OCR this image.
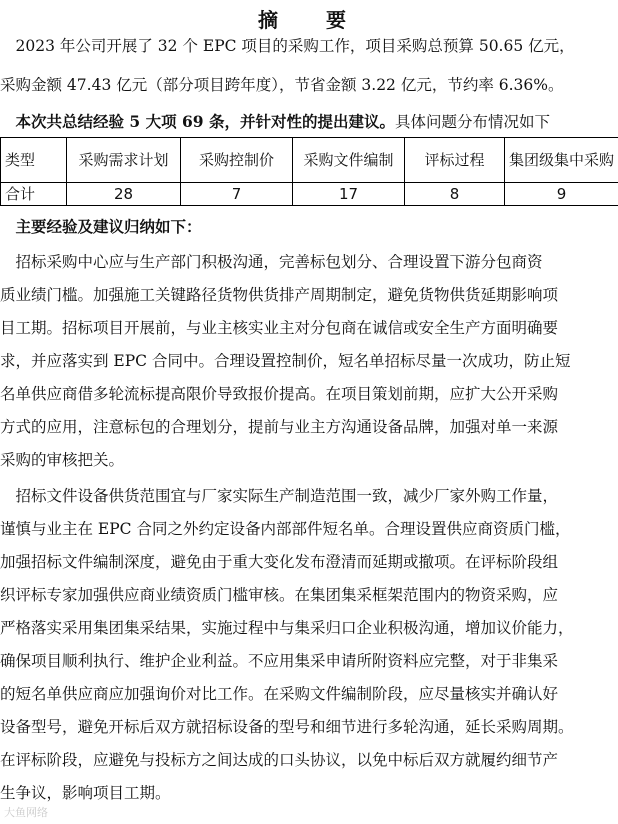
摘　要
　2023 年公司开展了 32 个 EPC 项目的采购工作，项目采购总预算 50.65 亿元，
采购金额 47.43 亿元（部分项目跨年度），节省金额 3.22 亿元，节约率 6.36%。
　本次共总结经验 5 大项 69 条，并针对性的提出建议。具体问题分布情况如下
类型	采购需求计划	采购控制价	采购文件编制	评标过程	集团级集中采购
合计	28	7	17	8	9
　主要经验及建议归纳如下：
　招标采购中心应与生产部门积极沟通，完善标包划分、合理设置下游分包商资
质业绩门槛。加强施工关键路径货物供货排产周期制定，避免货物供货延期影响项
目工期。招标项目开展前，与业主核实业主对分包商在诚信或安全生产方面明确要
求，并应落实到 EPC 合同中。合理设置控制价，短名单招标尽量一次成功，防止短
名单供应商借多轮流标提高限价导致报价提高。在项目策划前期，应扩大公开采购
方式的应用，注意标包的合理划分，提前与业主方沟通设备品牌，加强对单一来源
采购的审核把关。
　招标文件设备供货范围宜与厂家实际生产制造范围一致，减少厂家外购工作量，
谨慎与业主在 EPC 合同之外约定设备内部部件短名单。合理设置供应商资质门槛，
加强招标文件编制深度，避免由于重大变化发布澄清而延期或撤项。在评标阶段组
织评标专家加强供应商业绩资质门槛审核。在集团集采框架范围内的物资采购，应
严格落实采用集团集采结果，实施过程中与集采归口企业积极沟通，增加议价能力，
确保项目顺利执行、维护企业利益。不应用集采申请所附资料应完整，对于非集采
的短名单供应商应加强询价对比工作。在采购文件编制阶段，应尽量核实并确认好
设备型号，避免开标后双方就招标设备的型号和细节进行多轮沟通，延长采购周期。
在评标阶段，应避免与投标方之间达成的口头协议，以免中标后双方就履约细节产
生争议，影响项目工期。
大鱼网络
